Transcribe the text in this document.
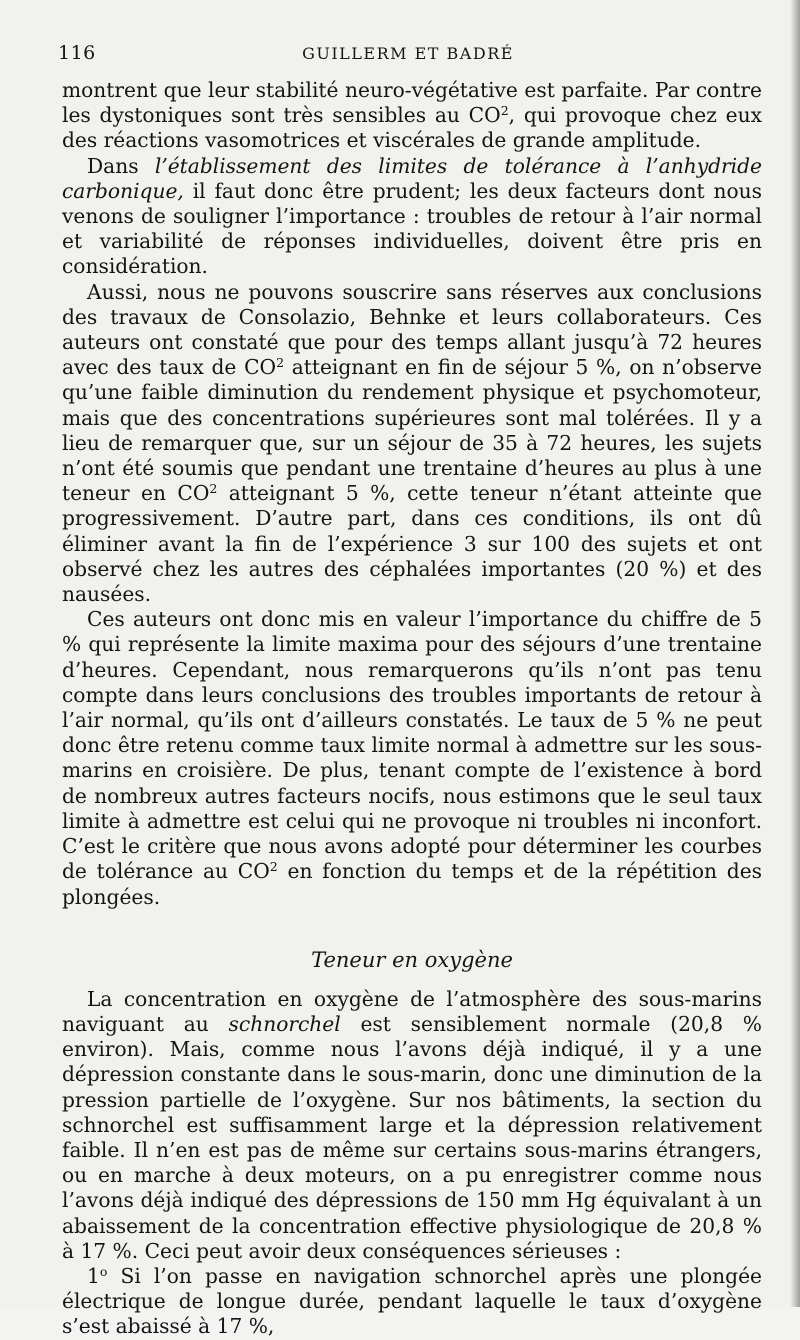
116	GUILLERM ET BADRÉ

montrent que leur stabilité neuro-végétative est parfaite. Par contre les dystoniques sont très sensibles au $CO^2$, qui provoque chez eux des réactions vasomotrices et viscérales de grande amplitude.

Dans l’établissement des limites de tolérance à l’anhydride carbonique, il faut donc être prudent; les deux facteurs dont nous venons de souligner l’importance : troubles de retour à l’air normal et variabilité de réponses individuelles, doivent être pris en considération.

Aussi, nous ne pouvons souscrire sans réserves aux conclusions des travaux de Consolazio, Behnke et leurs collaborateurs. Ces auteurs ont constaté que pour des temps allant jusqu’à 72 heures avec des taux de $CO^2$ atteignant en fin de séjour 5 %, on n’observe qu’une faible diminution du rendement physique et psychomoteur, mais que des concentrations supérieures sont mal tolérées. Il y a lieu de remarquer que, sur un séjour de 35 à 72 heures, les sujets n’ont été soumis que pendant une trentaine d’heures au plus à une teneur en $CO^2$ atteignant 5 %, cette teneur n’étant atteinte que progressivement. D’autre part, dans ces conditions, ils ont dû éliminer avant la fin de l’expérience 3 sur 100 des sujets et ont observé chez les autres des céphalées importantes (20 %) et des nausées.

Ces auteurs ont donc mis en valeur l’importance du chiffre de 5 % qui représente la limite maxima pour des séjours d’une trentaine d’heures. Cependant, nous remarquerons qu’ils n’ont pas tenu compte dans leurs conclusions des troubles importants de retour à l’air normal, qu’ils ont d’ailleurs constatés. Le taux de 5 % ne peut donc être retenu comme taux limite normal à admettre sur les sous-marins en croisière. De plus, tenant compte de l’existence à bord de nombreux autres facteurs nocifs, nous estimons que le seul taux limite à admettre est celui qui ne provoque ni troubles ni inconfort. C’est le critère que nous avons adopté pour déterminer les courbes de tolérance au $CO^2$ en fonction du temps et de la répétition des plongées.

Teneur en oxygène

La concentration en oxygène de l’atmosphère des sous-marins naviguant au schnorchel est sensiblement normale (20,8 % environ). Mais, comme nous l’avons déjà indiqué, il y a une dépression constante dans le sous-marin, donc une diminution de la pression partielle de l’oxygène. Sur nos bâtiments, la section du schnorchel est suffisamment large et la dépression relativement faible. Il n’en est pas de même sur certains sous-marins étrangers, ou en marche à deux moteurs, on a pu enregistrer comme nous l’avons déjà indiqué des dépressions de 150 mm Hg équivalant à un abaissement de la concentration effective physiologique de 20,8 % à 17 %. Ceci peut avoir deux conséquences sérieuses :

1$^o$ Si l’on passe en navigation schnorchel après une plongée électrique de longue durée, pendant laquelle le taux d’oxygène s’est abaissé à 17 %,
